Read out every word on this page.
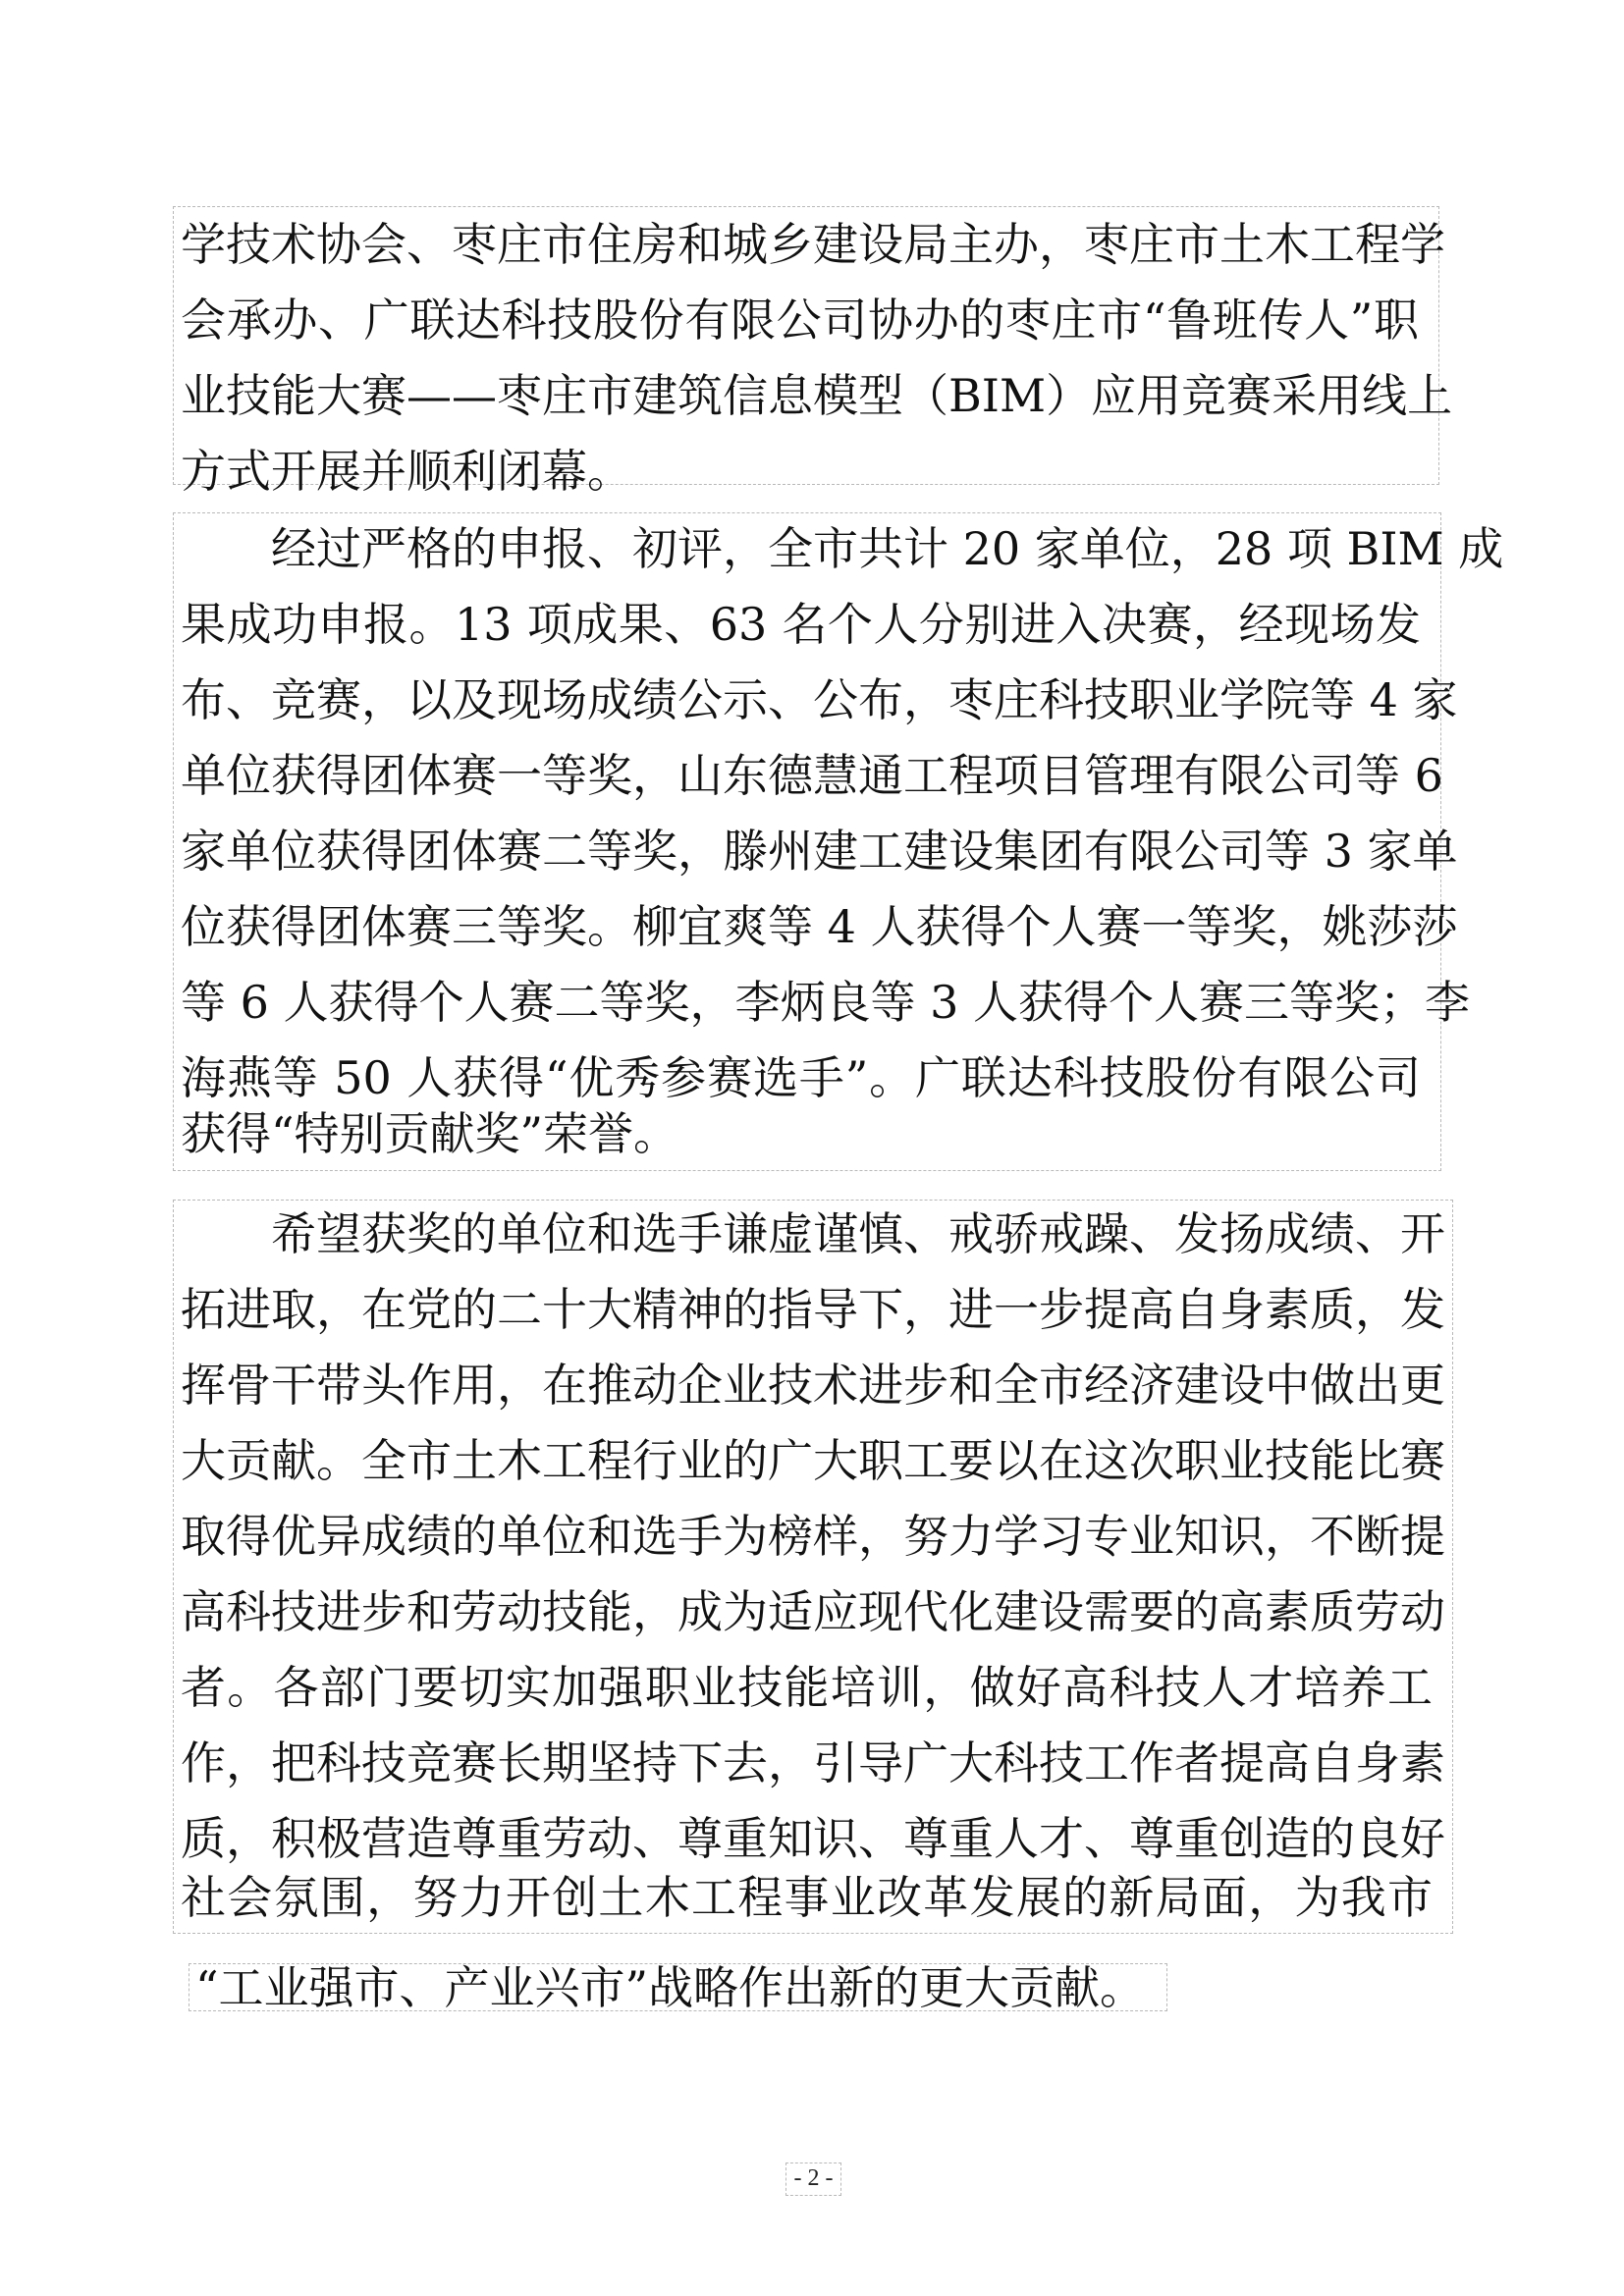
学技术协会、枣庄市住房和城乡建设局主办，枣庄市土木工程学
会承办、广联达科技股份有限公司协办的枣庄市“鲁班传人”职
业技能大赛——枣庄市建筑信息模型（BIM）应用竞赛采用线上
方式开展并顺利闭幕。
经过严格的申报、初评，全市共计 20 家单位，28 项 BIM 成
果成功申报。13 项成果、63 名个人分别进入决赛，经现场发
布、竞赛，以及现场成绩公示、公布，枣庄科技职业学院等 4 家
单位获得团体赛一等奖，山东德慧通工程项目管理有限公司等 6
家单位获得团体赛二等奖，滕州建工建设集团有限公司等 3 家单
位获得团体赛三等奖。柳宜爽等 4 人获得个人赛一等奖，姚莎莎
等 6 人获得个人赛二等奖，李炳良等 3 人获得个人赛三等奖；李
海燕等 50 人获得“优秀参赛选手”。广联达科技股份有限公司
获得“特别贡献奖”荣誉。
希望获奖的单位和选手谦虚谨慎、戒骄戒躁、发扬成绩、开
拓进取，在党的二十大精神的指导下，进一步提高自身素质，发
挥骨干带头作用，在推动企业技术进步和全市经济建设中做出更
大贡献。全市土木工程行业的广大职工要以在这次职业技能比赛
取得优异成绩的单位和选手为榜样，努力学习专业知识，不断提
高科技进步和劳动技能，成为适应现代化建设需要的高素质劳动
者。各部门要切实加强职业技能培训，做好高科技人才培养工
作，把科技竞赛长期坚持下去，引导广大科技工作者提高自身素
质，积极营造尊重劳动、尊重知识、尊重人才、尊重创造的良好
社会氛围，努力开创土木工程事业改革发展的新局面，为我市
“工业强市、产业兴市”战略作出新的更大贡献。
- 2 -
